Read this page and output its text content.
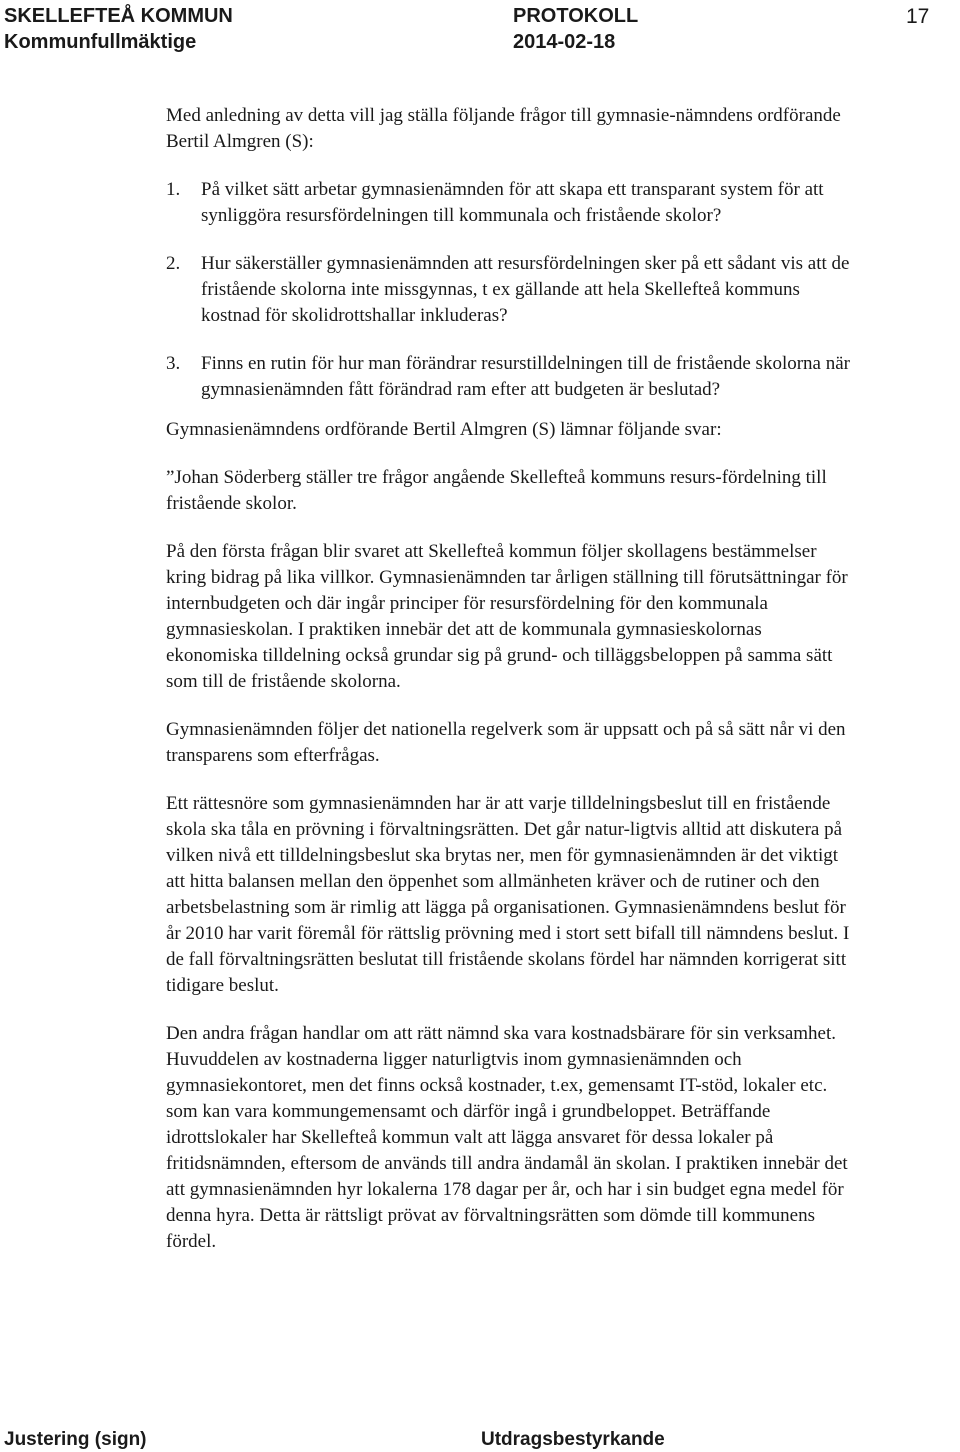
SKELLEFTEÅ KOMMUN
Kommunfullmäktige
PROTOKOLL
2014-02-18
17

Med anledning av detta vill jag ställa följande frågor till gymnasie-nämndens ordförande Bertil Almgren (S):

1. På vilket sätt arbetar gymnasienämnden för att skapa ett transparant system för att synliggöra resursfördelningen till kommunala och fristående skolor?
2. Hur säkerställer gymnasienämnden att resursfördelningen sker på ett sådant vis att de fristående skolorna inte missgynnas, t ex gällande att hela Skellefteå kommuns kostnad för skolidrottshallar inkluderas?
3. Finns en rutin för hur man förändrar resurstilldelningen till de fristående skolorna när gymnasienämnden fått förändrad ram efter att budgeten är beslutad?

Gymnasienämndens ordförande Bertil Almgren (S) lämnar följande svar:

”Johan Söderberg ställer tre frågor angående Skellefteå kommuns resurs-fördelning till fristående skolor.

På den första frågan blir svaret att Skellefteå kommun följer skollagens bestämmelser kring bidrag på lika villkor. Gymnasienämnden tar årligen ställning till förutsättningar för internbudgeten och där ingår principer för resursfördelning för den kommunala gymnasieskolan. I praktiken innebär det att de kommunala gymnasieskolornas ekonomiska tilldelning också grundar sig på grund- och tilläggsbeloppen på samma sätt som till de fristående skolorna.

Gymnasienämnden följer det nationella regelverk som är uppsatt och på så sätt når vi den transparens som efterfrågas.

Ett rättesnöre som gymnasienämnden har är att varje tilldelningsbeslut till en fristående skola ska tåla en prövning i förvaltningsrätten. Det går natur-ligtvis alltid att diskutera på vilken nivå ett tilldelningsbeslut ska brytas ner, men för gymnasienämnden är det viktigt att hitta balansen mellan den öppenhet som allmänheten kräver och de rutiner och den arbetsbelastning som är rimlig att lägga på organisationen. Gymnasienämndens beslut för år 2010 har varit föremål för rättslig prövning med i stort sett bifall till nämndens beslut. I de fall förvaltningsrätten beslutat till fristående skolans fördel har nämnden korrigerat sitt tidigare beslut.

Den andra frågan handlar om att rätt nämnd ska vara kostnadsbärare för sin verksamhet. Huvuddelen av kostnaderna ligger naturligtvis inom gymnasienämnden och gymnasiekontoret, men det finns också kostnader, t.ex, gemensamt IT-stöd, lokaler etc. som kan vara kommungemensamt och därför ingå i grundbeloppet. Beträffande idrottslokaler har Skellefteå kommun valt att lägga ansvaret för dessa lokaler på fritidsnämnden, eftersom de används till andra ändamål än skolan. I praktiken innebär det att gymnasienämnden hyr lokalerna 178 dagar per år, och har i sin budget egna medel för denna hyra. Detta är rättsligt prövat av förvaltningsrätten som dömde till kommunens fördel.

Justering (sign)	Utdragsbestyrkande
